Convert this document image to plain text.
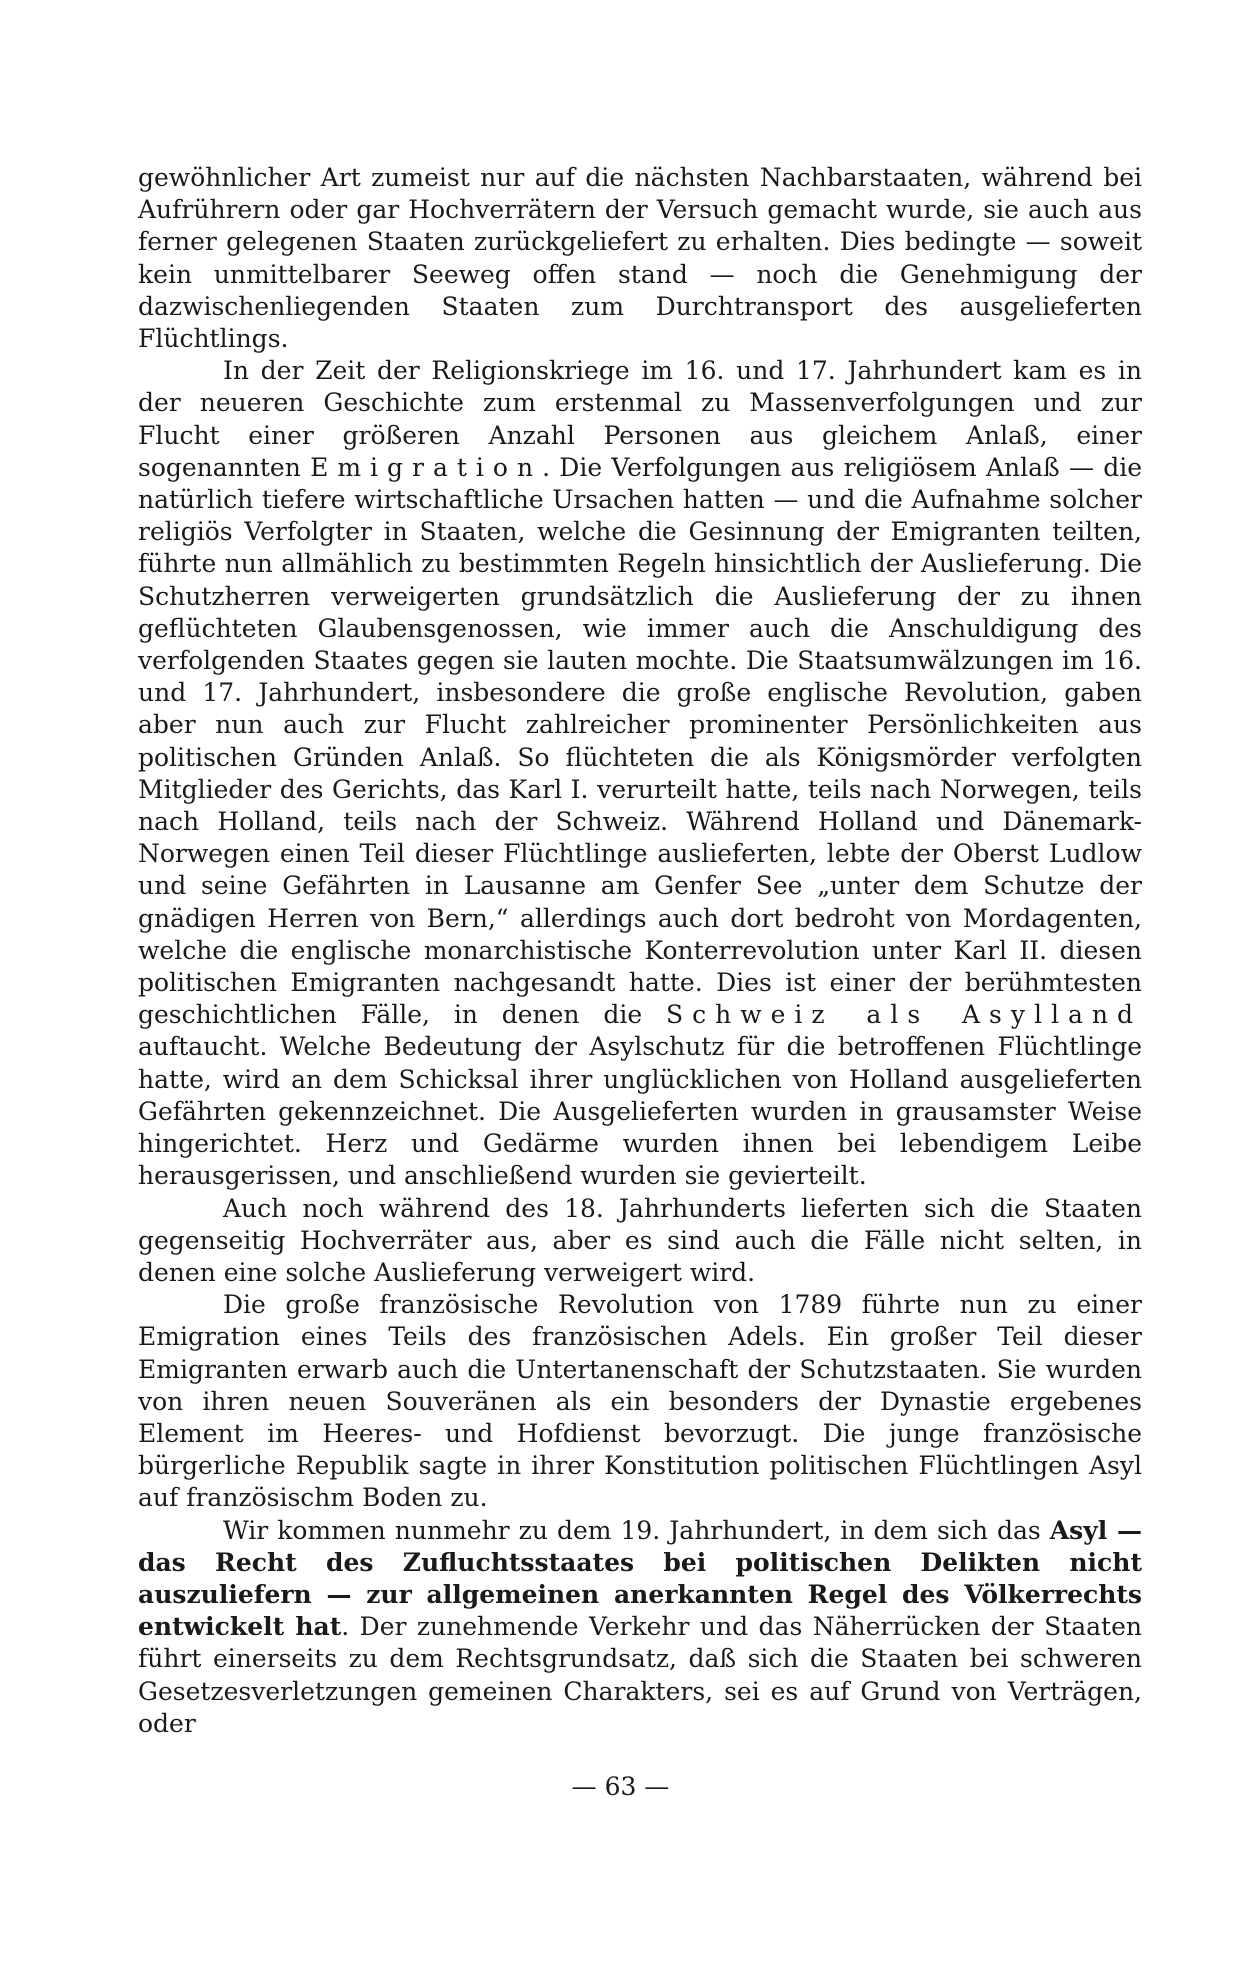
gewöhnlicher Art zumeist nur auf die nächsten Nachbarstaaten, während bei Aufrührern oder gar Hochverrätern der Versuch gemacht wurde, sie auch aus ferner gelegenen Staaten zurückgeliefert zu erhalten. Dies bedingte — soweit kein unmittelbarer Seeweg offen stand — noch die Genehmigung der dazwischenliegenden Staaten zum Durchtransport des ausgelieferten Flüchtlings.

In der Zeit der Religionskriege im 16. und 17. Jahrhundert kam es in der neueren Geschichte zum erstenmal zu Massenverfolgungen und zur Flucht einer größeren Anzahl Personen aus gleichem Anlaß, einer sogenannten Emigration. Die Verfolgungen aus religiösem Anlaß — die natürlich tiefere wirtschaftliche Ursachen hatten — und die Aufnahme solcher religiös Verfolgter in Staaten, welche die Gesinnung der Emigranten teilten, führte nun allmählich zu bestimmten Regeln hinsichtlich der Auslieferung. Die Schutzherren verweigerten grundsätzlich die Auslieferung der zu ihnen geflüchteten Glaubensgenossen, wie immer auch die Anschuldigung des verfolgenden Staates gegen sie lauten mochte. Die Staatsumwälzungen im 16. und 17. Jahrhundert, insbesondere die große englische Revolution, gaben aber nun auch zur Flucht zahlreicher prominenter Persönlichkeiten aus politischen Gründen Anlaß. So flüchteten die als Königsmörder verfolgten Mitglieder des Gerichts, das Karl I. verurteilt hatte, teils nach Norwegen, teils nach Holland, teils nach der Schweiz. Während Holland und Dänemark-Norwegen einen Teil dieser Flüchtlinge auslieferten, lebte der Oberst Ludlow und seine Gefährten in Lausanne am Genfer See „unter dem Schutze der gnädigen Herren von Bern,“ allerdings auch dort bedroht von Mordagenten, welche die englische monarchistische Konterrevolution unter Karl II. diesen politischen Emigranten nachgesandt hatte. Dies ist einer der berühmtesten geschichtlichen Fälle, in denen die Schweiz als Asylland auftaucht. Welche Bedeutung der Asylschutz für die betroffenen Flüchtlinge hatte, wird an dem Schicksal ihrer unglücklichen von Holland ausgelieferten Gefährten gekennzeichnet. Die Ausgelieferten wurden in grausamster Weise hingerichtet. Herz und Gedärme wurden ihnen bei lebendigem Leibe herausgerissen, und anschließend wurden sie gevierteilt.

Auch noch während des 18. Jahrhunderts lieferten sich die Staaten gegenseitig Hochverräter aus, aber es sind auch die Fälle nicht selten, in denen eine solche Auslieferung verweigert wird.

Die große französische Revolution von 1789 führte nun zu einer Emigration eines Teils des französischen Adels. Ein großer Teil dieser Emigranten erwarb auch die Untertanenschaft der Schutzstaaten. Sie wurden von ihren neuen Souveränen als ein besonders der Dynastie ergebenes Element im Heeres- und Hofdienst bevorzugt. Die junge französische bürgerliche Republik sagte in ihrer Konstitution politischen Flüchtlingen Asyl auf französischm Boden zu.

Wir kommen nunmehr zu dem 19. Jahrhundert, in dem sich das Asyl — das Recht des Zufluchtsstaates bei politischen Delikten nicht auszuliefern — zur allgemeinen anerkannten Regel des Völkerrechts entwickelt hat. Der zunehmende Verkehr und das Näherrücken der Staaten führt einerseits zu dem Rechtsgrundsatz, daß sich die Staaten bei schweren Gesetzesverletzungen gemeinen Charakters, sei es auf Grund von Verträgen, oder

— 63 —
